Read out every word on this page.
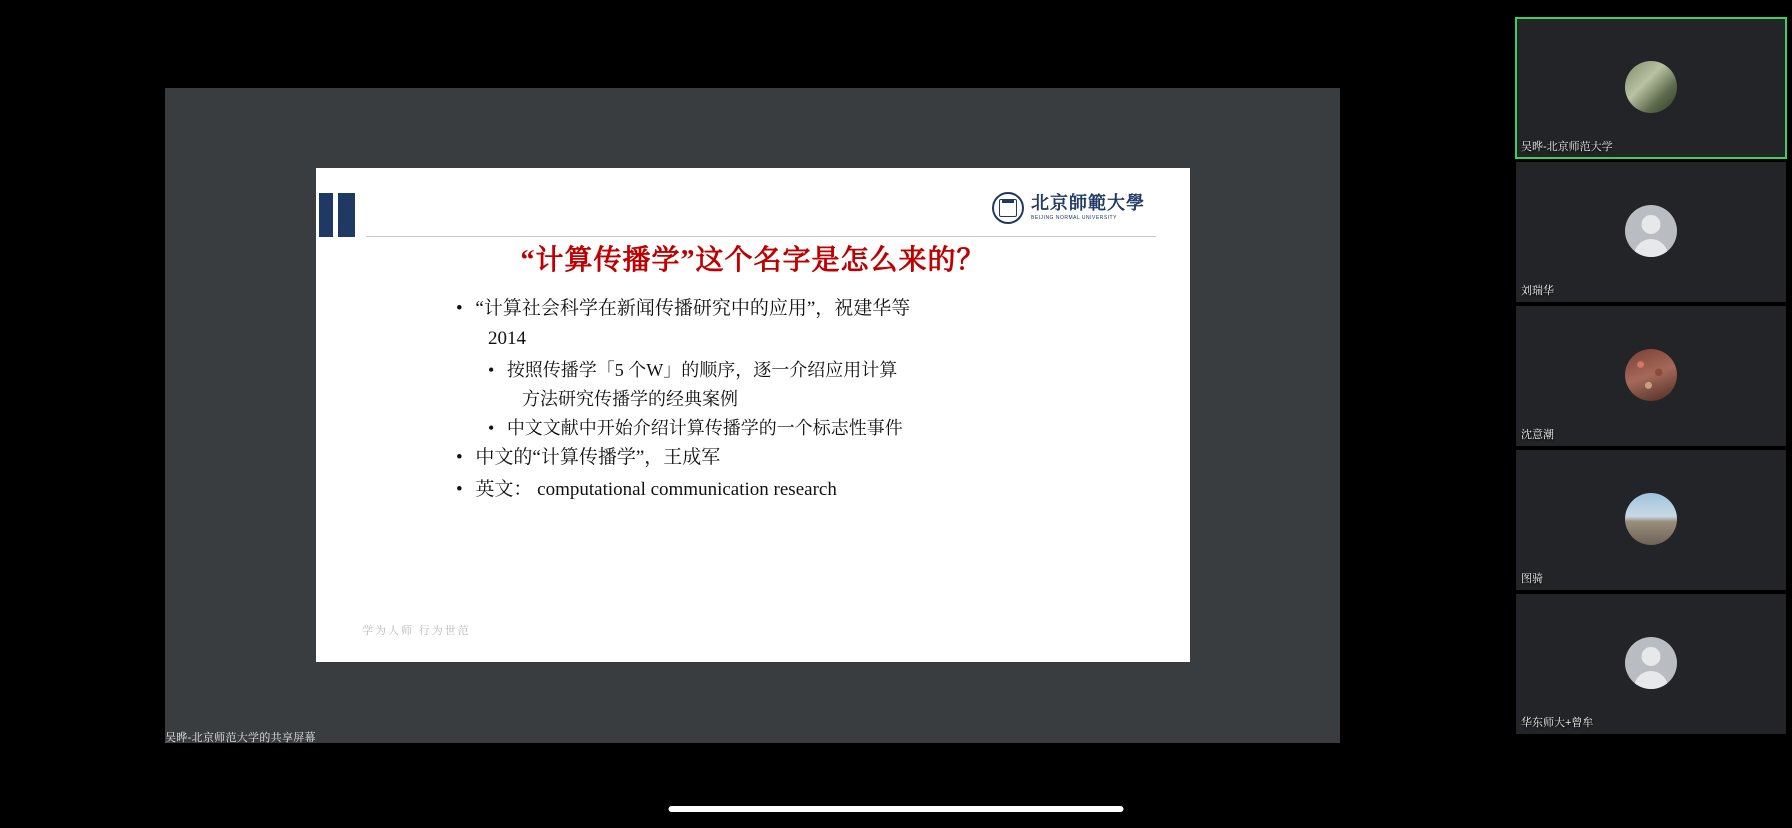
北京師範大學
BEIJING NORMAL UNIVERSITY
“计算传播学”这个名字是怎么来的？
• “计算社会科学在新闻传播研究中的应用”，祝建华等
2014
• 按照传播学「5 个W」的顺序，逐一介绍应用计算
方法研究传播学的经典案例
• 中文文献中开始介绍计算传播学的一个标志性事件
• 中文的“计算传播学”，王成军
• 英文： computational communication research
学为人师 行为世范
吴晔-北京师范大学的共享屏幕
吴晔-北京师范大学
刘瑞华
沈意潮
图骑
华东师大+曾牟
